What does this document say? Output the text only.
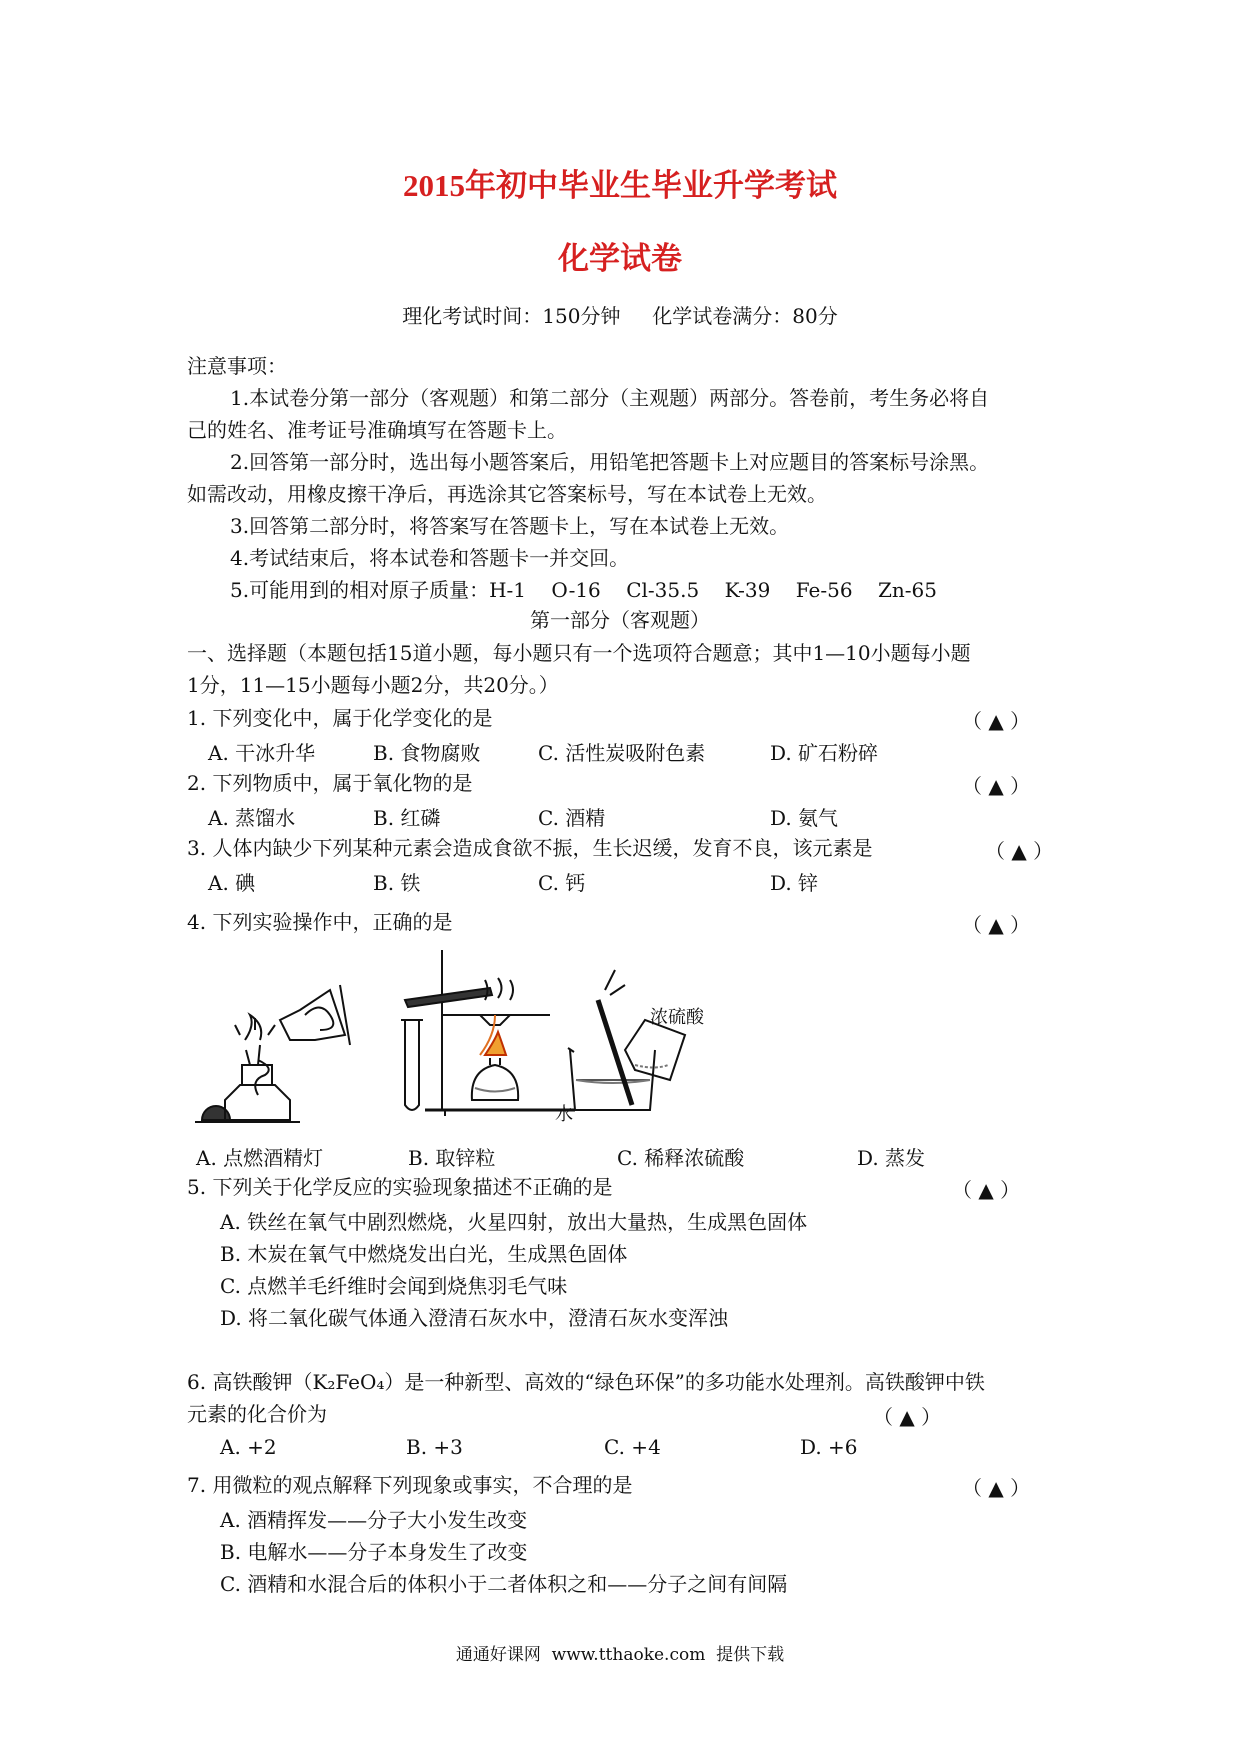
2015年初中毕业生毕业升学考试
化学试卷
理化考试时间：150分钟     化学试卷满分：80分
注意事项：
1.本试卷分第一部分（客观题）和第二部分（主观题）两部分。答卷前，考生务必将自
己的姓名、准考证号准确填写在答题卡上。
2.回答第一部分时，选出每小题答案后，用铅笔把答题卡上对应题目的答案标号涂黑。
如需改动，用橡皮擦干净后，再选涂其它答案标号，写在本试卷上无效。
3.回答第二部分时，将答案写在答题卡上，写在本试卷上无效。
4.考试结束后，将本试卷和答题卡一并交回。
5.可能用到的相对原子质量：H-1    O-16    Cl-35.5    K-39    Fe-56    Zn-65
第一部分（客观题）
一、选择题（本题包括15道小题，每小题只有一个选项符合题意；其中1—10小题每小题
1分，11—15小题每小题2分，共20分。）
1. 下列变化中，属于化学变化的是	（ ▲ ）
A. 干冰升华	B. 食物腐败	C. 活性炭吸附色素	D. 矿石粉碎
2. 下列物质中，属于氧化物的是	（ ▲ ）
A. 蒸馏水	B. 红磷	C. 酒精	D. 氨气
3. 人体内缺少下列某种元素会造成食欲不振，生长迟缓，发育不良，该元素是	（ ▲ ）
A. 碘	B. 铁	C. 钙	D. 锌
4. 下列实验操作中，正确的是	（ ▲ ）
浓硫酸
水
A. 点燃酒精灯	B. 取锌粒	C. 稀释浓硫酸	D. 蒸发
5. 下列关于化学反应的实验现象描述不正确的是	（ ▲ ）
A. 铁丝在氧气中剧烈燃烧，火星四射，放出大量热，生成黑色固体
B. 木炭在氧气中燃烧发出白光，生成黑色固体
C. 点燃羊毛纤维时会闻到烧焦羽毛气味
D. 将二氧化碳气体通入澄清石灰水中，澄清石灰水变浑浊
6. 高铁酸钾（K₂FeO₄）是一种新型、高效的“绿色环保”的多功能水处理剂。高铁酸钾中铁
元素的化合价为	（ ▲ ）
A. +2	B. +3	C. +4	D. +6
7. 用微粒的观点解释下列现象或事实，不合理的是	（ ▲ ）
A. 酒精挥发——分子大小发生改变
B. 电解水——分子本身发生了改变
C. 酒精和水混合后的体积小于二者体积之和——分子之间有间隔
通通好课网  www.tthaoke.com  提供下载
